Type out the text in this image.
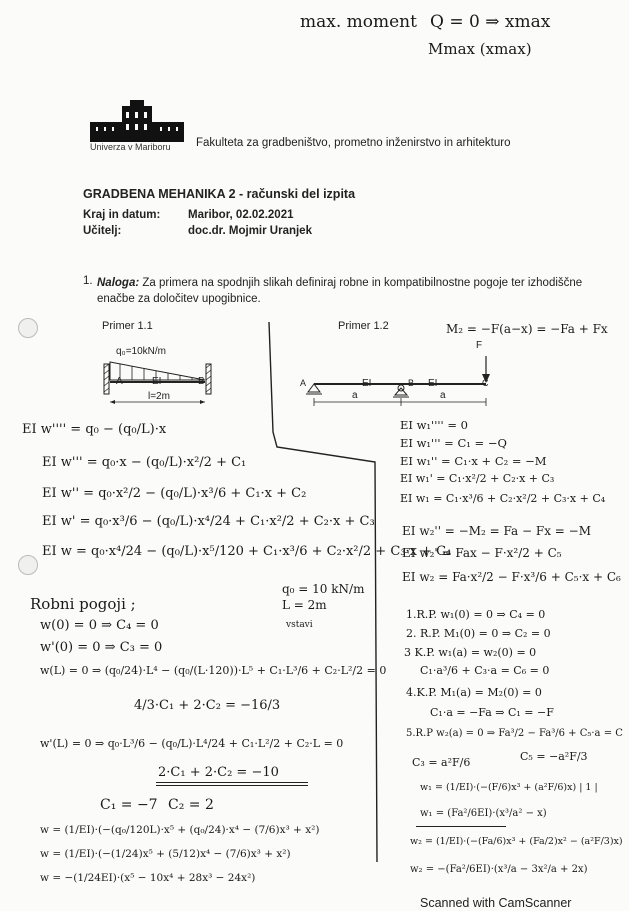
max. moment Q = 0 ⇒ xmax
Mmax (xmax)
Univerza v Mariboru Fakulteta za gradbeništvo, prometno inženirstvo in arhitekturo
GRADBENA MEHANIKA 2 - računski del izpita
Kraj in datum: Maribor, 02.02.2021
Učitelj:	doc.dr. Mojmir Uranjek
1. Naloga: Za primera na spodnjih slikah definiraj robne in kompatibilnostne pogoje ter izhodiščne enačbe za določitev upogibnice.
Primer 1.1
q₀=10kN/m
A	EI	B
l=2m
EI w'''' = q₀ − (q₀/L)·x
EI w''' = q₀·x − (q₀/L)·x²/2 + C₁
EI w'' = q₀·x²/2 − (q₀/L)·x³/6 + C₁·x + C₂
EI w' = q₀·x³/6 − (q₀/L)·x⁴/24 + C₁·x²/2 + C₂·x + C₃
EI w = q₀·x⁴/24 − (q₀/L)·x⁵/120 + C₁·x³/6 + C₂·x²/2 + C₃·x + C₄
q₀ = 10 kN/m
L = 2m
vstavi
Robni pogoji ;
w(0) = 0 ⇒ C₄ = 0
w'(0) = 0 ⇒ C₃ = 0
w(L) = 0 ⇒ (q₀/24)·L⁴ − (q₀/(L·120))·L⁵ + C₁·L³/6 + C₂·L²/2 = 0
4/3·C₁ + 2·C₂ = −16/3
w'(L) = 0 ⇒ q₀·L³/6 − (q₀/L)·L⁴/24 + C₁·L²/2 + C₂·L = 0
2·C₁ + 2·C₂ = −10
C₁ = −7 C₂ = 2
w = (1/EI)·(−(q₀/120L)·x⁵ + (q₀/24)·x⁴ − (7/6)x³ + x²)
w = (1/EI)·(−(1/24)x⁵ + (5/12)x⁴ − (7/6)x³ + x²)
w = −(1/24EI)·(x⁵ − 10x⁴ + 28x³ − 24x²)
Primer 1.2	M₂ = −F(a−x) = −Fa + Fx
F
A	EI	B EI	C
a	a
EI w₁'''' = 0
EI w₁''' = C₁ = −Q
EI w₁'' = C₁·x + C₂ = −M
EI w₁' = C₁·x²/2 + C₂·x + C₃
EI w₁ = C₁·x³/6 + C₂·x²/2 + C₃·x + C₄
EI w₂'' = −M₂ = Fa − Fx = −M
EI w₂' = Fax − F·x²/2 + C₅
EI w₂ = Fa·x²/2 − F·x³/6 + C₅·x + C₆
1.R.P. w₁(0) = 0 ⇒ C₄ = 0
2. R.P. M₁(0) = 0 ⇒ C₂ = 0
3 K.P. w₁(a) = w₂(0) = 0
C₁·a³/6 + C₃·a = C₆ = 0
4.K.P. M₁(a) = M₂(0) = 0
C₁·a = −Fa ⇒ C₁ = −F
5.R.P w₂(a) = 0 ⇒ Fa³/2 − Fa³/6 + C₅·a = C
C₃ = a²F/6	C₅ = −a²F/3
w₁ = (1/EI)·(−(F/6)x³ + (a²F/6)x) | 1 |
w₁ = (Fa²/6EI)·(x³/a² − x)
w₂ = (1/EI)·(−(Fa/6)x³ + (Fa/2)x² − (a²F/3)x)
w₂ = −(Fa²/6EI)·(x³/a − 3x²/a + 2x)
Scanned with CamScanner
